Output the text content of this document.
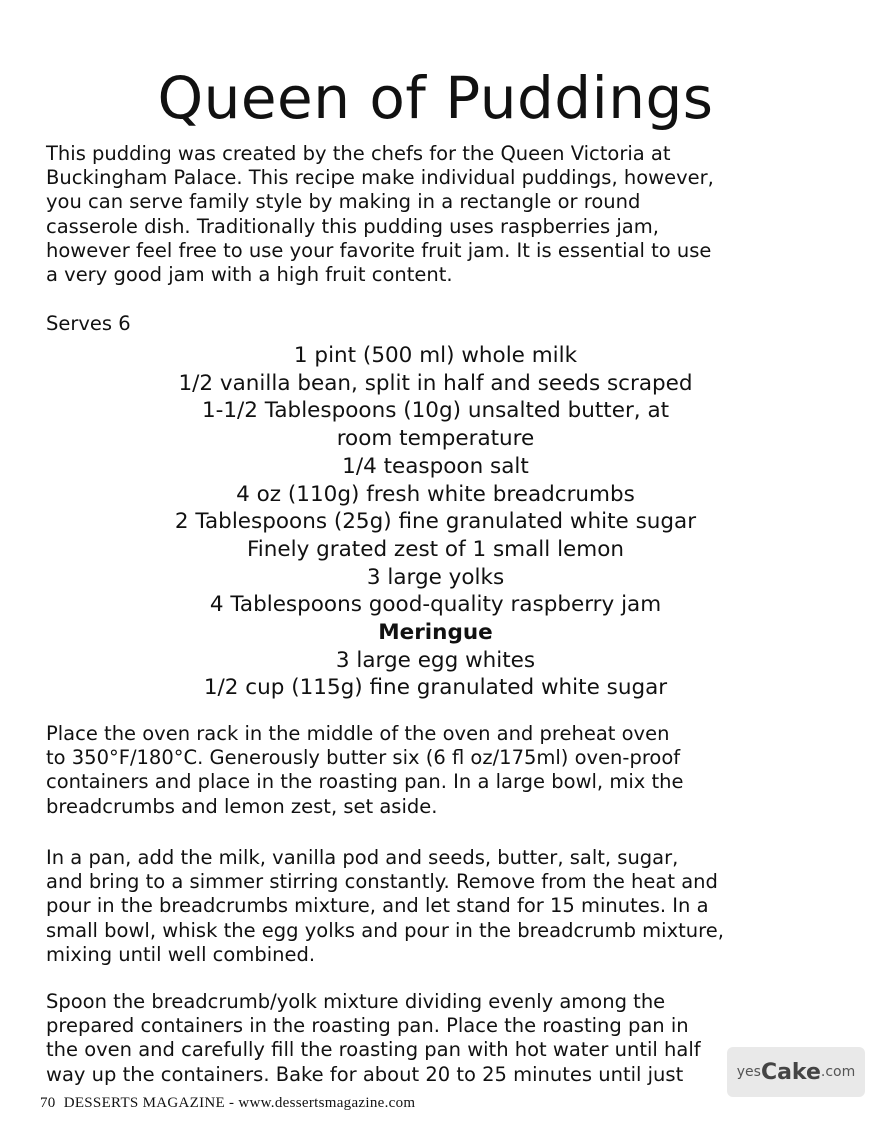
Queen of Puddings

This pudding was created by the chefs for the Queen Victoria at
Buckingham Palace. This recipe make individual puddings, however,
you can serve family style by making in a rectangle or round
casserole dish. Traditionally this pudding uses raspberries jam,
however feel free to use your favorite fruit jam. It is essential to use
a very good jam with a high fruit content.

Serves 6

1 pint (500 ml) whole milk
1/2 vanilla bean, split in half and seeds scraped
1-1/2 Tablespoons (10g) unsalted butter, at
room temperature
1/4 teaspoon salt
4 oz (110g) fresh white breadcrumbs
2 Tablespoons (25g) fine granulated white sugar
Finely grated zest of 1 small lemon
3 large yolks
4 Tablespoons good-quality raspberry jam
Meringue
3 large egg whites
1/2 cup (115g) fine granulated white sugar

Place the oven rack in the middle of the oven and preheat oven
to 350°F/180°C. Generously butter six (6 fl oz/175ml) oven-proof
containers and place in the roasting pan. In a large bowl, mix the
breadcrumbs and lemon zest, set aside.

In a pan, add the milk, vanilla pod and seeds, butter, salt, sugar,
and bring to a simmer stirring constantly. Remove from the heat and
pour in the breadcrumbs mixture, and let stand for 15 minutes. In a
small bowl, whisk the egg yolks and pour in the breadcrumb mixture,
mixing until well combined.

Spoon the breadcrumb/yolk mixture dividing evenly among the
prepared containers in the roasting pan. Place the roasting pan in
the oven and carefully fill the roasting pan with hot water until half
way up the containers. Bake for about 20 to 25 minutes until just

70  DESSERTS MAGAZINE - www.dessertsmagazine.com
yes Cake .com
